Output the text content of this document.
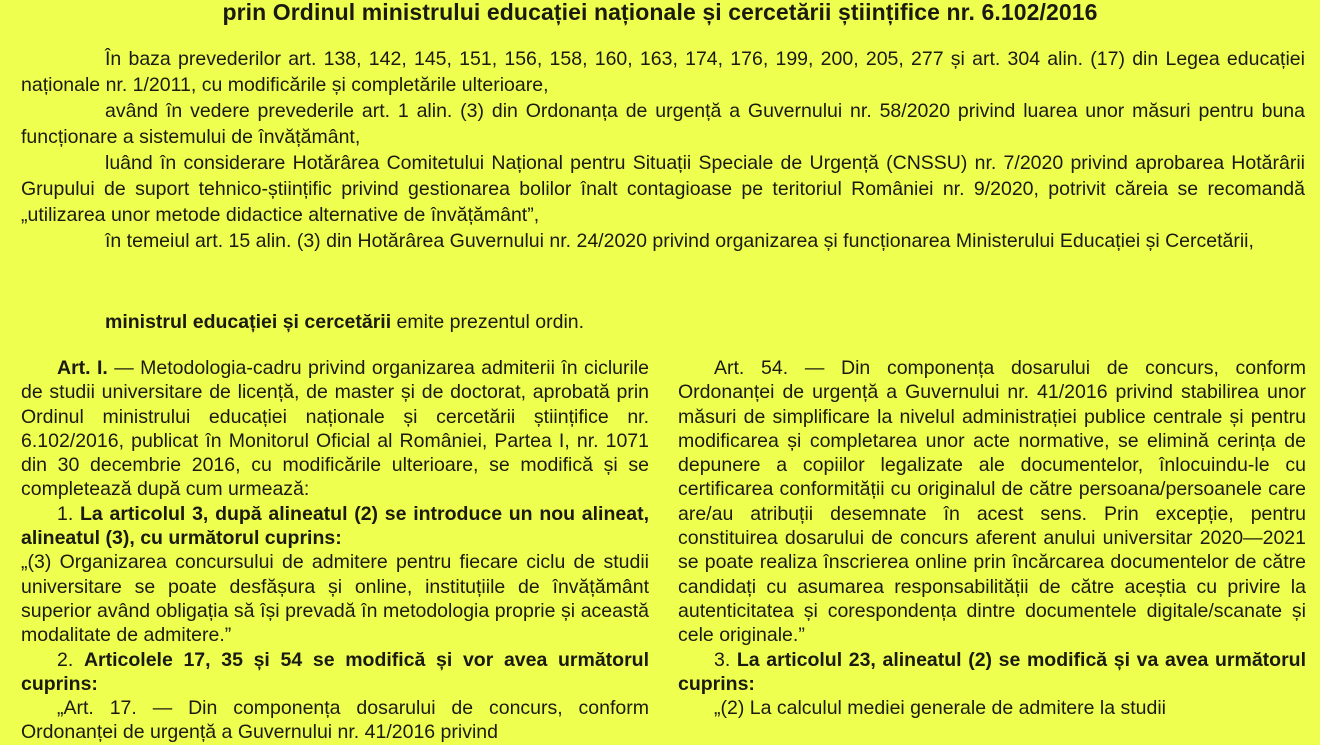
prin Ordinul ministrului educației naționale și cercetării științifice nr. 6.102/2016

În baza prevederilor art. 138, 142, 145, 151, 156, 158, 160, 163, 174, 176, 199, 200, 205, 277 și art. 304 alin. (17) din Legea educației naționale nr. 1/2011, cu modificările și completările ulterioare,

având în vedere prevederile art. 1 alin. (3) din Ordonanța de urgență a Guvernului nr. 58/2020 privind luarea unor măsuri pentru buna funcționare a sistemului de învățământ,

luând în considerare Hotărârea Comitetului Național pentru Situații Speciale de Urgență (CNSSU) nr. 7/2020 privind aprobarea Hotărârii Grupului de suport tehnico-științific privind gestionarea bolilor înalt contagioase pe teritoriul României nr. 9/2020, potrivit căreia se recomandă „utilizarea unor metode didactice alternative de învățământ”,

în temeiul art. 15 alin. (3) din Hotărârea Guvernului nr. 24/2020 privind organizarea și funcționarea Ministerului Educației și Cercetării,

ministrul educației și cercetării emite prezentul ordin.

Art. I. — Metodologia-cadru privind organizarea admiterii în ciclurile de studii universitare de licență, de master și de doctorat, aprobată prin Ordinul ministrului educației naționale și cercetării științifice nr. 6.102/2016, publicat în Monitorul Oficial al României, Partea I, nr. 1071 din 30 decembrie 2016, cu modificările ulterioare, se modifică și se completează după cum urmează:

1. La articolul 3, după alineatul (2) se introduce un nou alineat, alineatul (3), cu următorul cuprins:

„(3) Organizarea concursului de admitere pentru fiecare ciclu de studii universitare se poate desfășura și online, instituțiile de învățământ superior având obligația să își prevadă în metodologia proprie și această modalitate de admitere.”

2. Articolele 17, 35 și 54 se modifică și vor avea următorul cuprins:

„Art. 17. — Din componența dosarului de concurs, conform Ordonanței de urgență a Guvernului nr. 41/2016 privind

Art. 54. — Din componența dosarului de concurs, conform Ordonanței de urgență a Guvernului nr. 41/2016 privind stabilirea unor măsuri de simplificare la nivelul administrației publice centrale și pentru modificarea și completarea unor acte normative, se elimină cerința de depunere a copiilor legalizate ale documentelor, înlocuindu-le cu certificarea conformității cu originalul de către persoana/persoanele care are/au atribuții desemnate în acest sens. Prin excepție, pentru constituirea dosarului de concurs aferent anului universitar 2020—2021 se poate realiza înscrierea online prin încărcarea documentelor de către candidați cu asumarea responsabilității de către aceștia cu privire la autenticitatea și corespondența dintre documentele digitale/scanate și cele originale.”

3. La articolul 23, alineatul (2) se modifică și va avea următorul cuprins:

„(2) La calculul mediei generale de admitere la studii
